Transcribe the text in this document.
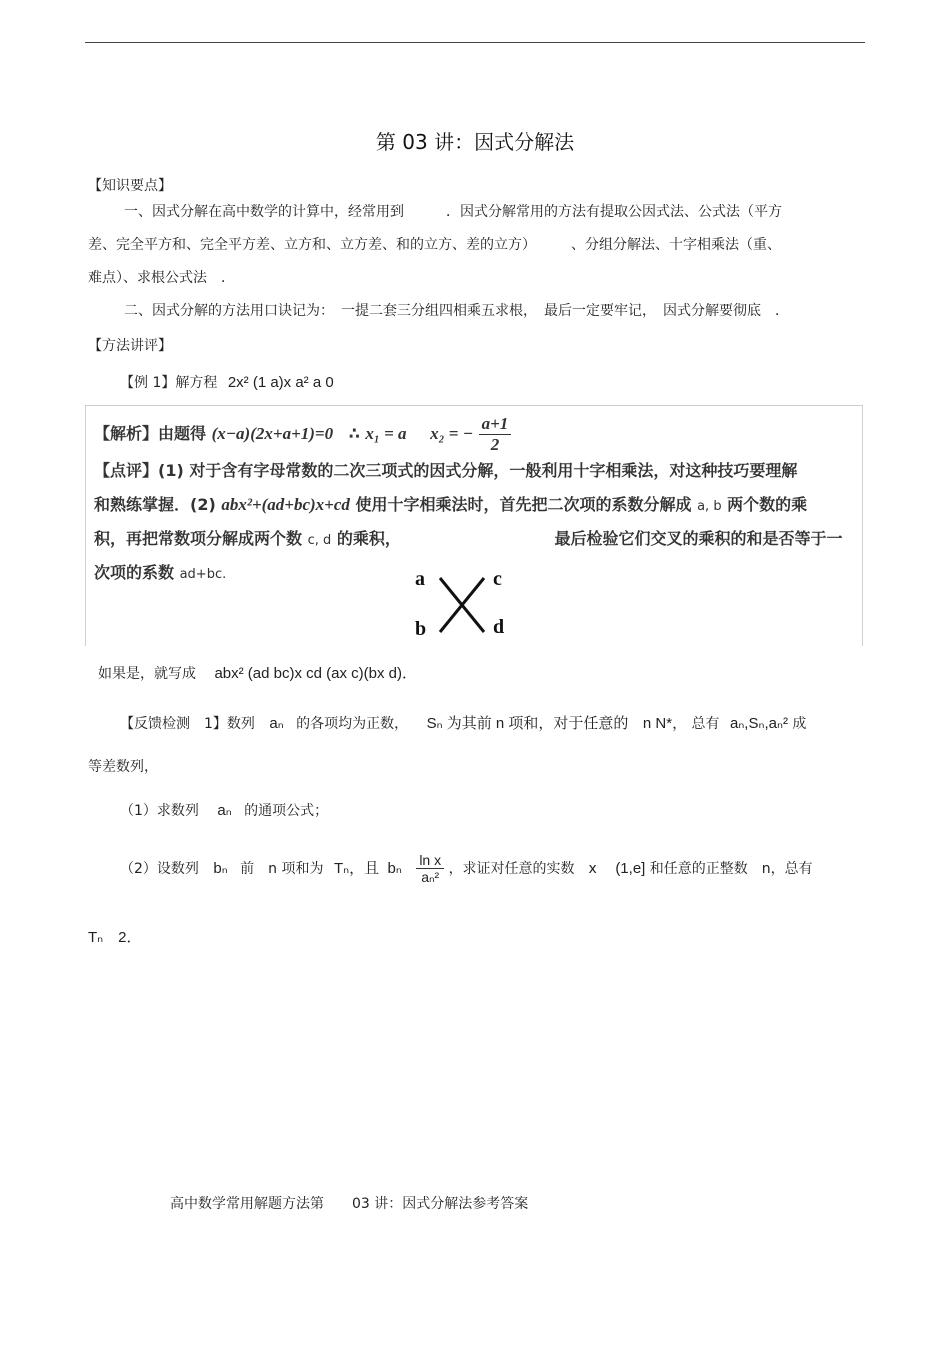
第 03 讲：因式分解法
【知识要点】
一、因式分解在高中数学的计算中，经常用到　　　．因式分解常用的方法有提取公因式法、公式法（平方
差、完全平方和、完全平方差、立方和、立方差、和的立方、差的立方）　　　、分组分解法、十字相乘法（重、
难点）、求根公式法　．
二、因式分解的方法用口诀记为：　一提二套三分组四相乘五求根，　最后一定要牢记，　因式分解要彻底　．
【方法讲评】
【例 1】解方程 2x² (1 a)x a² a 0
【解析】由题得 (x−a)(2x+a+1)=0 ∴ x₁ = a x₂ = − $\frac{a+1}{2}$
【点评】(1) 对于含有字母常数的二次三项式的因式分解，一般利用十字相乘法，对这种技巧要理解
和熟练掌握．(2) abx²+(ad+bc)x+cd 使用十字相乘法时，首先把二次项的系数分解成 a, b 两个数的乘
积，再把常数项分解成两个数 c, d 的乘积，	最后检验它们交叉的乘积的和是否等于一
次项的系数 ad+bc.	a
b
c
d
如果是，就写成 abx² (ad bc)x cd (ax c)(bx d)．
【反馈检测　1】数列 aₙ 的各项均为正数， Sₙ 为其前 n 项和，对于任意的 n N*， 总有 aₙ,Sₙ,aₙ² 成
等差数列，
（1）求数列 aₙ 的通项公式；
（2）设数列 bₙ 前　n 项和为 Tₙ，且 bₙ $\frac{\text{ln x}}{\text{aₙ²}}$ ，求证对任意的实数　x (1,e] 和任意的正整数　n，总有
Tₙ　2．
高中数学常用解题方法第　　03 讲：因式分解法参考答案
